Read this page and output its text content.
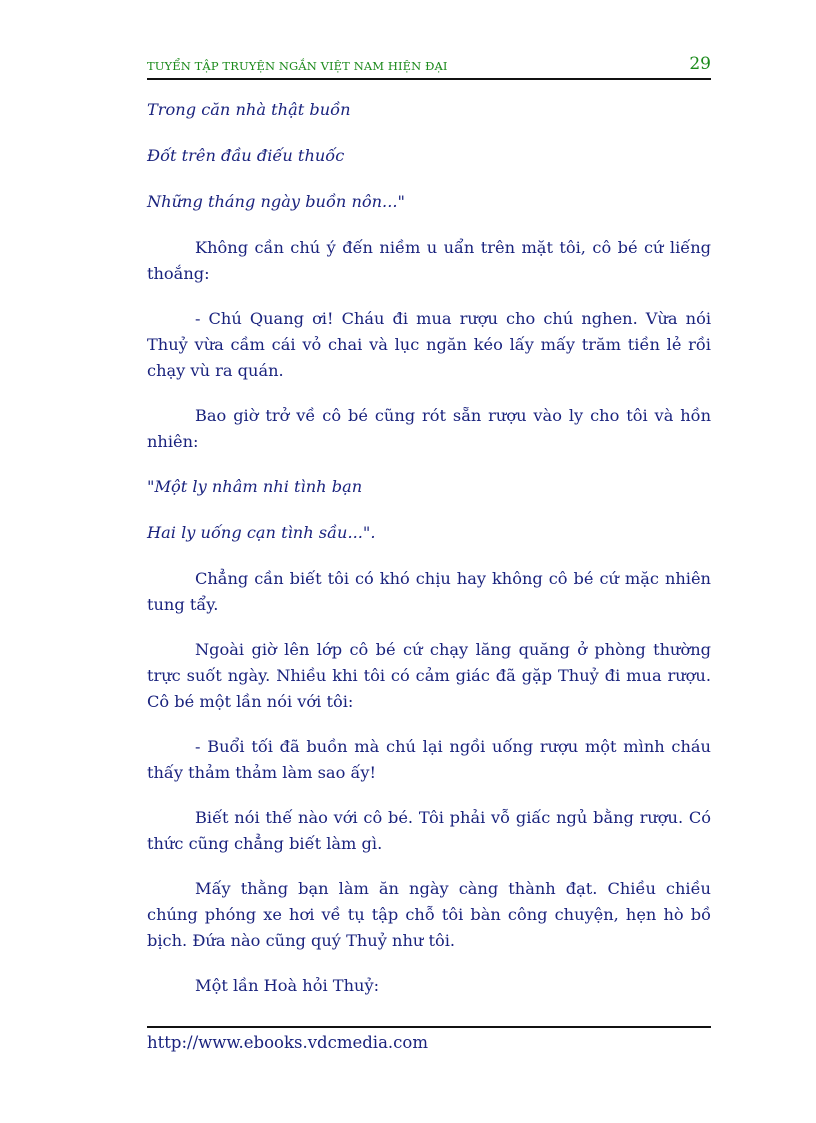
TUYỂN TẬP TRUYỆN NGẮN VIỆT NAM HIỆN ĐẠI	29

Trong căn nhà thật buồn

Đốt trên đầu điếu thuốc

Những tháng ngày buồn nôn..."

Không cần chú ý đến niềm u uẩn trên mặt tôi, cô bé cứ liếng thoắng:

- Chú Quang ơi! Cháu đi mua rượu cho chú nghen. Vừa nói Thuỷ vừa cầm cái vỏ chai và lục ngăn kéo lấy mấy trăm tiền lẻ rồi chạy vù ra quán.

Bao giờ trở về cô bé cũng rót sẵn rượu vào ly cho tôi và hồn nhiên:

"Một ly nhâm nhi tình bạn

Hai ly uống cạn tình sầu...".

Chẳng cần biết tôi có khó chịu hay không cô bé cứ mặc nhiên tung tẩy.

Ngoài giờ lên lớp cô bé cứ chạy lăng quăng ở phòng thường trực suốt ngày. Nhiều khi tôi có cảm giác đã gặp Thuỷ đi mua rượu. Cô bé một lần nói với tôi:

- Buổi tối đã buồn mà chú lại ngồi uống rượu một mình cháu thấy thảm thảm làm sao ấy!

Biết nói thế nào với cô bé. Tôi phải vỗ giấc ngủ bằng rượu. Có thức cũng chẳng biết làm gì.

Mấy thằng bạn làm ăn ngày càng thành đạt. Chiều chiều chúng phóng xe hơi về tụ tập chỗ tôi bàn công chuyện, hẹn hò bồ bịch. Đứa nào cũng quý Thuỷ như tôi.

Một lần Hoà hỏi Thuỷ:

http://www.ebooks.vdcmedia.com
